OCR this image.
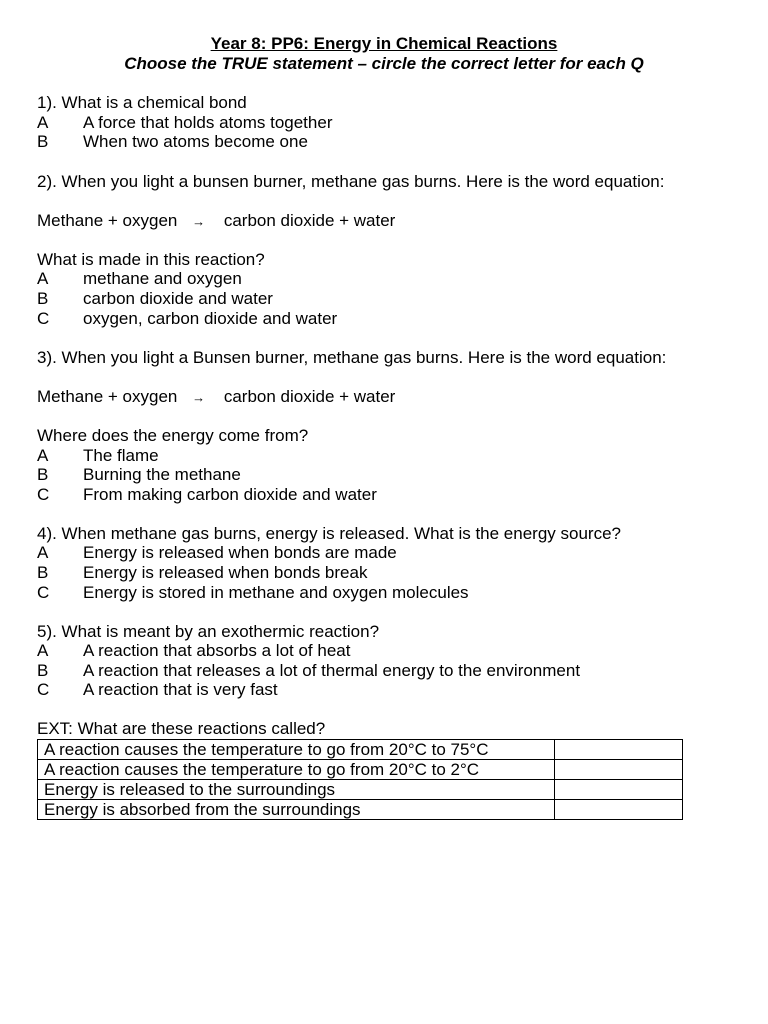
Year 8: PP6: Energy in Chemical Reactions
Choose the TRUE statement – circle the correct letter for each Q
1). What is a chemical bond
A A force that holds atoms together
B When two atoms become one
2). When you light a bunsen burner, methane gas burns. Here is the word equation:
Methane + oxygen → carbon dioxide + water
What is made in this reaction?
A methane and oxygen
B carbon dioxide and water
C oxygen, carbon dioxide and water
3). When you light a Bunsen burner, methane gas burns. Here is the word equation:
Methane + oxygen → carbon dioxide + water
Where does the energy come from?
A The flame
B Burning the methane
C From making carbon dioxide and water
4). When methane gas burns, energy is released. What is the energy source?
A Energy is released when bonds are made
B Energy is released when bonds break
C Energy is stored in methane and oxygen molecules
5). What is meant by an exothermic reaction?
A A reaction that absorbs a lot of heat
B A reaction that releases a lot of thermal energy to the environment
C A reaction that is very fast
EXT: What are these reactions called?
A reaction causes the temperature to go from 20°C to 75°C	
A reaction causes the temperature to go from 20°C to 2°C	
Energy is released to the surroundings	
Energy is absorbed from the surroundings	
